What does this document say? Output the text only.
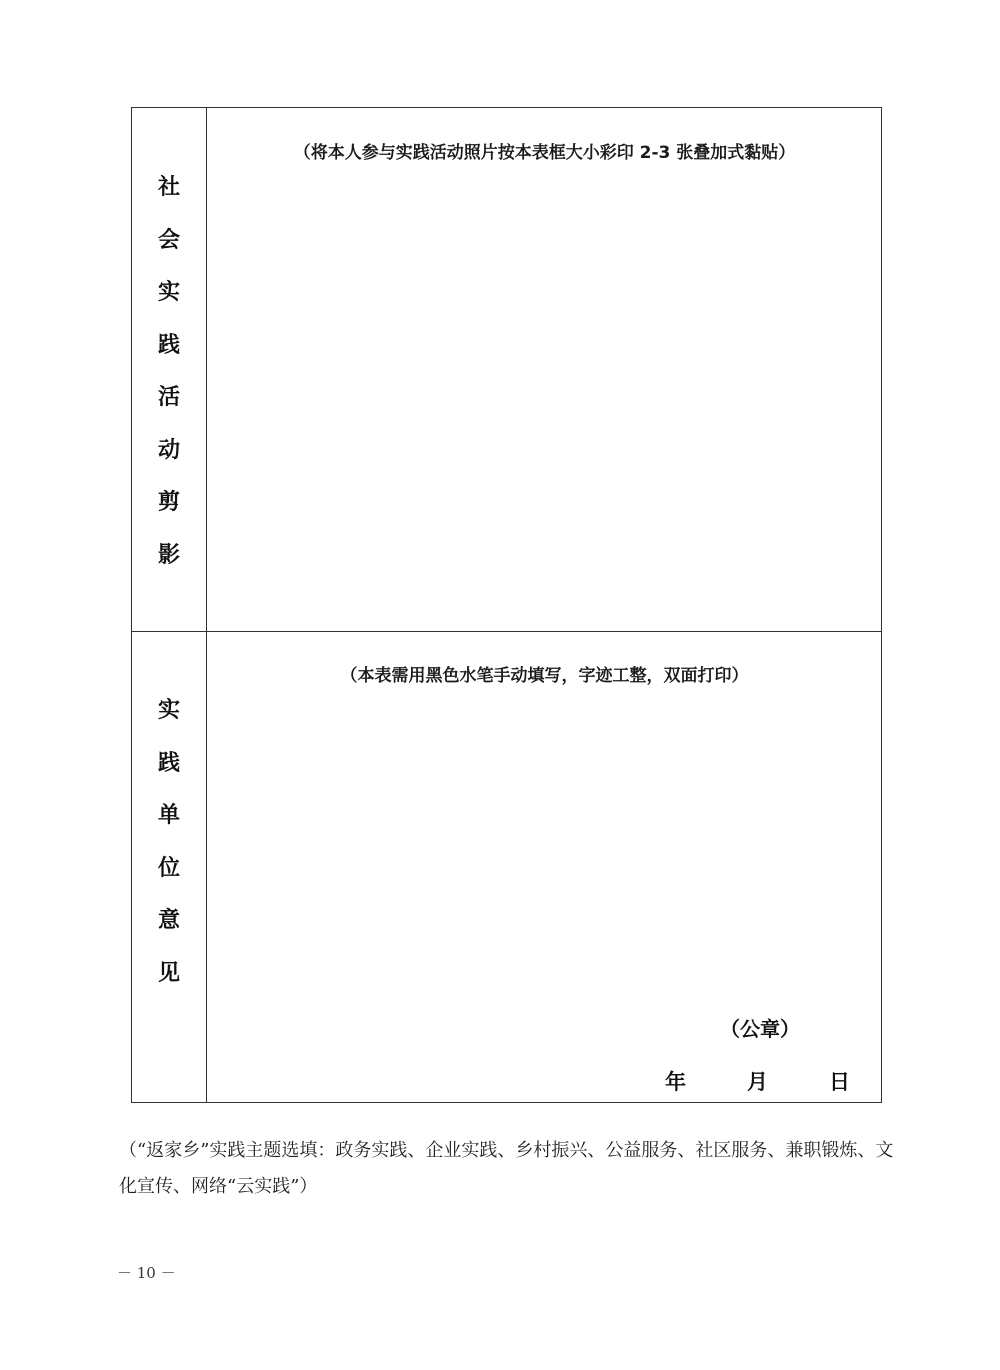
社
会
实
践
活
动
剪
影
（将本人参与实践活动照片按本表框大小彩印 2-3 张叠加式黏贴）
实
践
单
位
意
见
（本表需用黑色水笔手动填写，字迹工整，双面打印）
（公章）
年	月	日
（“返家乡”实践主题选填：政务实践、企业实践、乡村振兴、公益服务、社区服务、兼职锻炼、文化宣传、网络“云实践”）
－ 10 －
